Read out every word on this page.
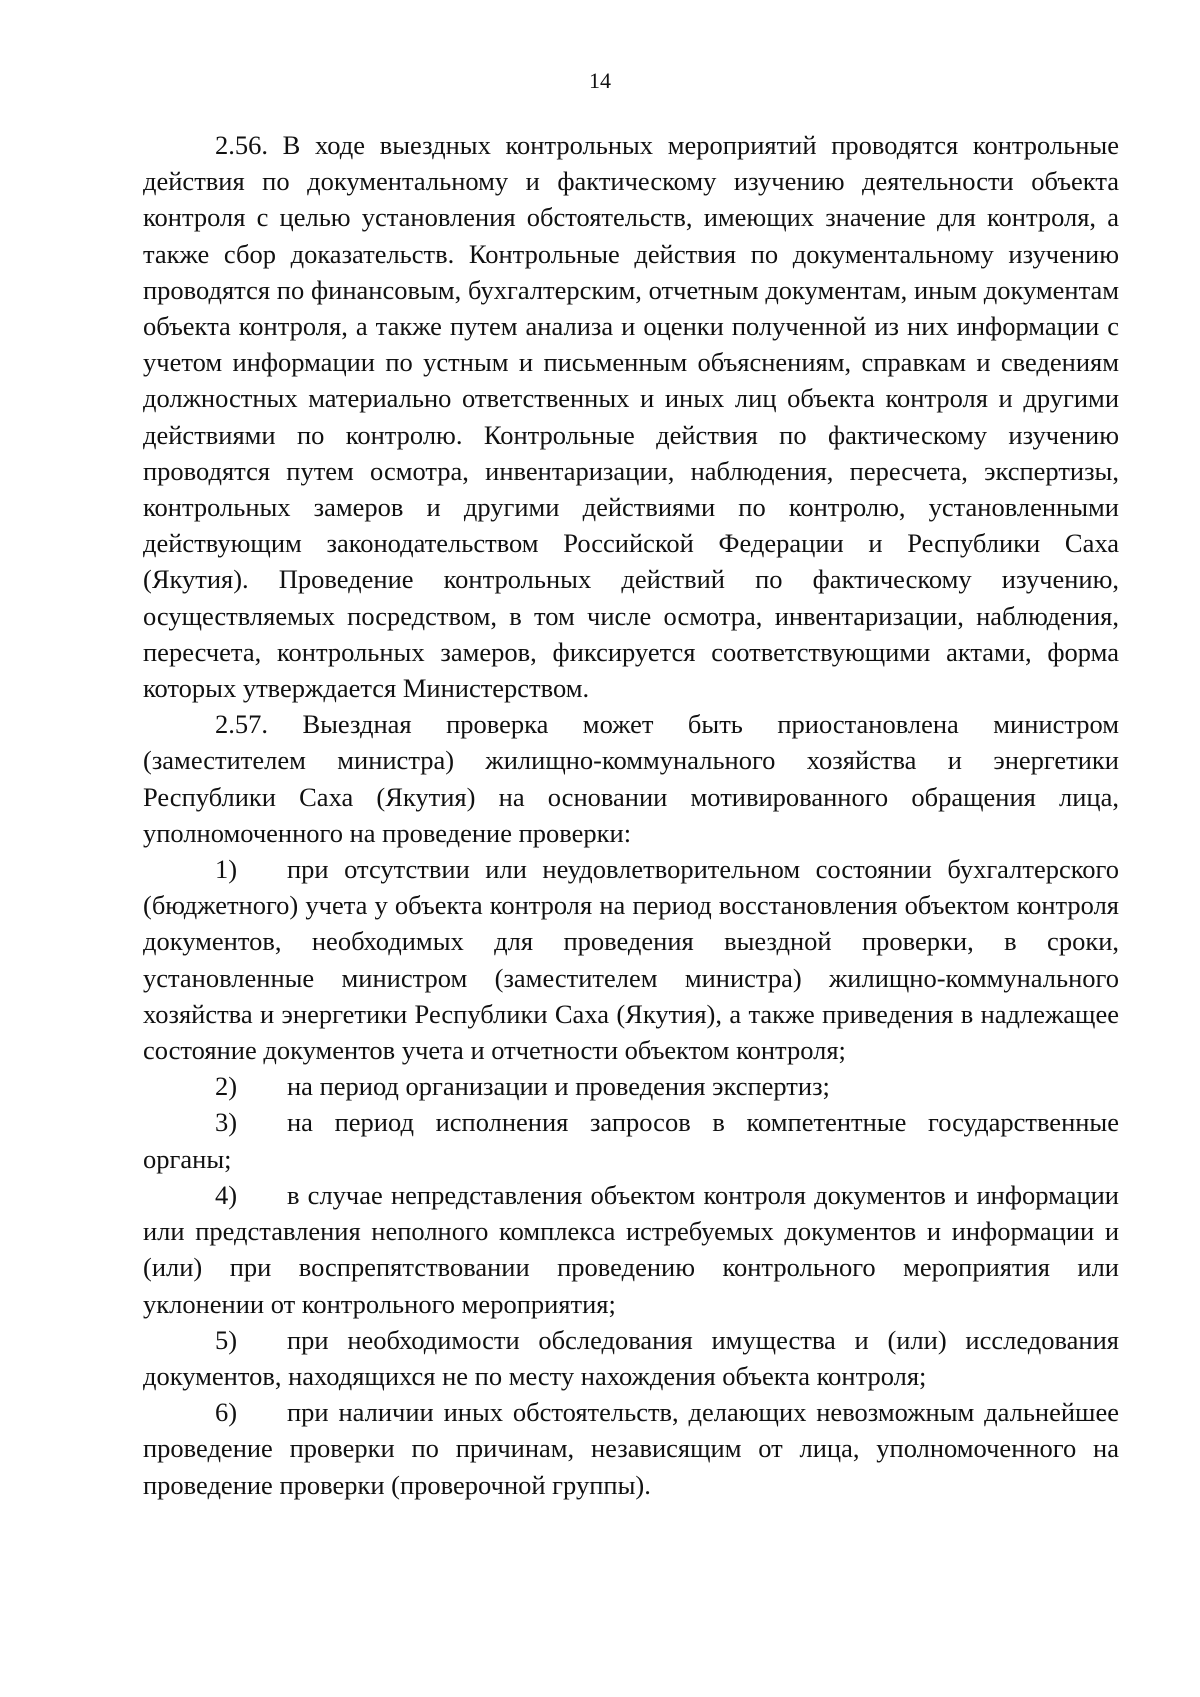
14

2.56. В ходе выездных контрольных мероприятий проводятся контрольные действия по документальному и фактическому изучению деятельности объекта контроля с целью установления обстоятельств, имеющих значение для контроля, а также сбор доказательств. Контрольные действия по документальному изучению проводятся по финансовым, бухгалтерским, отчетным документам, иным документам объекта контроля, а также путем анализа и оценки полученной из них информации с учетом информации по устным и письменным объяснениям, справкам и сведениям должностных материально ответственных и иных лиц объекта контроля и другими действиями по контролю. Контрольные действия по фактическому изучению проводятся путем осмотра, инвентаризации, наблюдения, пересчета, экспертизы, контрольных замеров и другими действиями по контролю, установленными действующим законодательством Российской Федерации и Республики Саха (Якутия). Проведение контрольных действий по фактическому изучению, осуществляемых посредством, в том числе осмотра, инвентаризации, наблюдения, пересчета, контрольных замеров, фиксируется соответствующими актами, форма которых утверждается Министерством.

2.57. Выездная проверка может быть приостановлена министром (заместителем министра) жилищно-коммунального хозяйства и энергетики Республики Саха (Якутия) на основании мотивированного обращения лица, уполномоченного на проведение проверки:

1) при отсутствии или неудовлетворительном состоянии бухгалтерского (бюджетного) учета у объекта контроля на период восстановления объектом контроля документов, необходимых для проведения выездной проверки, в сроки, установленные министром (заместителем министра) жилищно-коммунального хозяйства и энергетики Республики Саха (Якутия), а также приведения в надлежащее состояние документов учета и отчетности объектом контроля;

2) на период организации и проведения экспертиз;

3) на период исполнения запросов в компетентные государственные органы;

4) в случае непредставления объектом контроля документов и информации или представления неполного комплекса истребуемых документов и информации и (или) при воспрепятствовании проведению контрольного мероприятия или уклонении от контрольного мероприятия;

5) при необходимости обследования имущества и (или) исследования документов, находящихся не по месту нахождения объекта контроля;

6) при наличии иных обстоятельств, делающих невозможным дальнейшее проведение проверки по причинам, независящим от лица, уполномоченного на проведение проверки (проверочной группы).
